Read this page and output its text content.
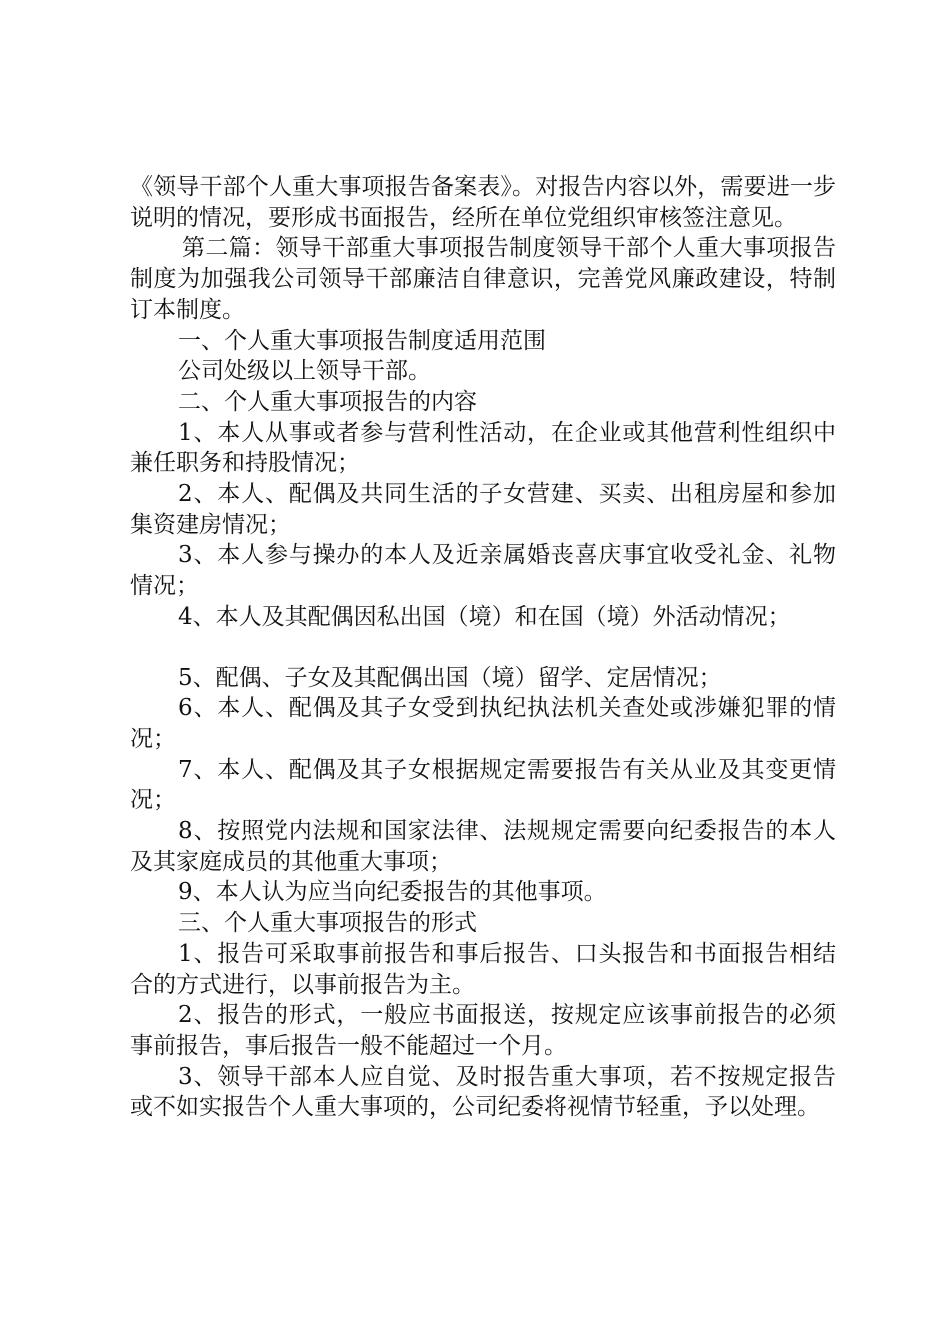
《领导干部个人重大事项报告备案表》。对报告内容以外，需要进一步说明的情况，要形成书面报告，经所在单位党组织审核签注意见。

第二篇：领导干部重大事项报告制度领导干部个人重大事项报告制度为加强我公司领导干部廉洁自律意识，完善党风廉政建设，特制订本制度。

一、个人重大事项报告制度适用范围

公司处级以上领导干部。

二、个人重大事项报告的内容

1、本人从事或者参与营利性活动，在企业或其他营利性组织中兼任职务和持股情况；

2、本人、配偶及共同生活的子女营建、买卖、出租房屋和参加集资建房情况；

3、本人参与操办的本人及近亲属婚丧喜庆事宜收受礼金、礼物情况；

4、本人及其配偶因私出国（境）和在国（境）外活动情况；

5、配偶、子女及其配偶出国（境）留学、定居情况；

6、本人、配偶及其子女受到执纪执法机关查处或涉嫌犯罪的情况；

7、本人、配偶及其子女根据规定需要报告有关从业及其变更情况；

8、按照党内法规和国家法律、法规规定需要向纪委报告的本人及其家庭成员的其他重大事项；

9、本人认为应当向纪委报告的其他事项。

三、个人重大事项报告的形式

1、报告可采取事前报告和事后报告、口头报告和书面报告相结合的方式进行，以事前报告为主。

2、报告的形式，一般应书面报送，按规定应该事前报告的必须事前报告，事后报告一般不能超过一个月。

3、领导干部本人应自觉、及时报告重大事项，若不按规定报告或不如实报告个人重大事项的，公司纪委将视情节轻重，予以处理。
